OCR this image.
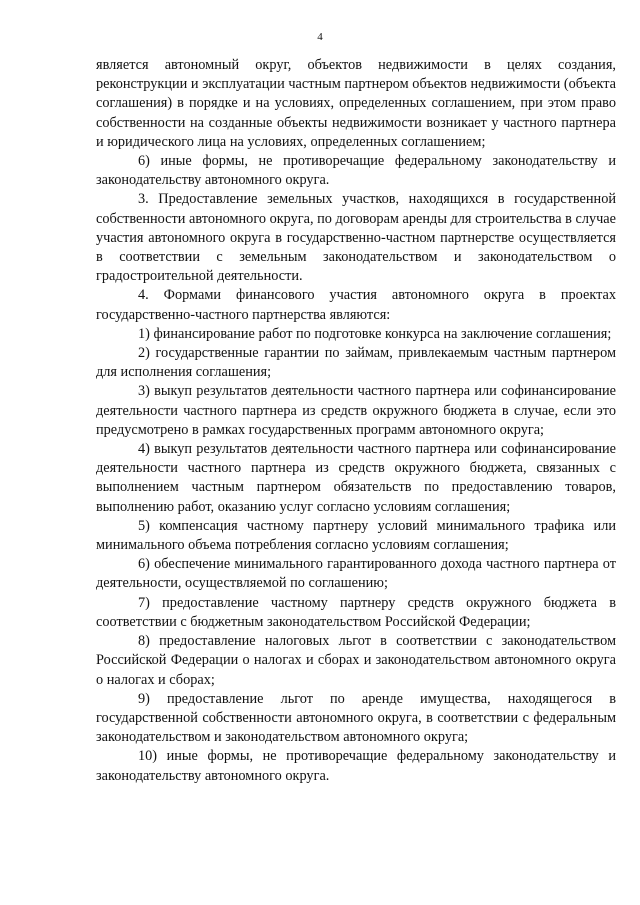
4

является автономный округ, объектов недвижимости в целях создания, реконструкции и эксплуатации частным партнером объектов недвижимости (объекта соглашения) в порядке и на условиях, определенных соглашением, при этом право собственности на созданные объекты недвижимости возникает у частного партнера и юридического лица на условиях, определенных соглашением;

6) иные формы, не противоречащие федеральному законодательству и законодательству автономного округа.

3. Предоставление земельных участков, находящихся в государственной собственности автономного округа, по договорам аренды для строительства в случае участия автономного округа в государственно-частном партнерстве осуществляется в соответствии с земельным законодательством и законодательством о градостроительной деятельности.

4. Формами финансового участия автономного округа в проектах государственно-частного партнерства являются:

1) финансирование работ по подготовке конкурса на заключение соглашения;

2) государственные гарантии по займам, привлекаемым частным партнером для исполнения соглашения;

3) выкуп результатов деятельности частного партнера или софинансирование деятельности частного партнера из средств окружного бюджета в случае, если это предусмотрено в рамках государственных программ автономного округа;

4) выкуп результатов деятельности частного партнера или софинансирование деятельности частного партнера из средств окружного бюджета, связанных с выполнением частным партнером обязательств по предоставлению товаров, выполнению работ, оказанию услуг согласно условиям соглашения;

5) компенсация частному партнеру условий минимального трафика или минимального объема потребления согласно условиям соглашения;

6) обеспечение минимального гарантированного дохода частного партнера от деятельности, осуществляемой по соглашению;

7) предоставление частному партнеру средств окружного бюджета в соответствии с бюджетным законодательством Российской Федерации;

8) предоставление налоговых льгот в соответствии с законодательством Российской Федерации о налогах и сборах и законодательством автономного округа о налогах и сборах;

9) предоставление льгот по аренде имущества, находящегося в государственной собственности автономного округа, в соответствии с федеральным законодательством и законодательством автономного округа;

10) иные формы, не противоречащие федеральному законодательству и законодательству автономного округа.
